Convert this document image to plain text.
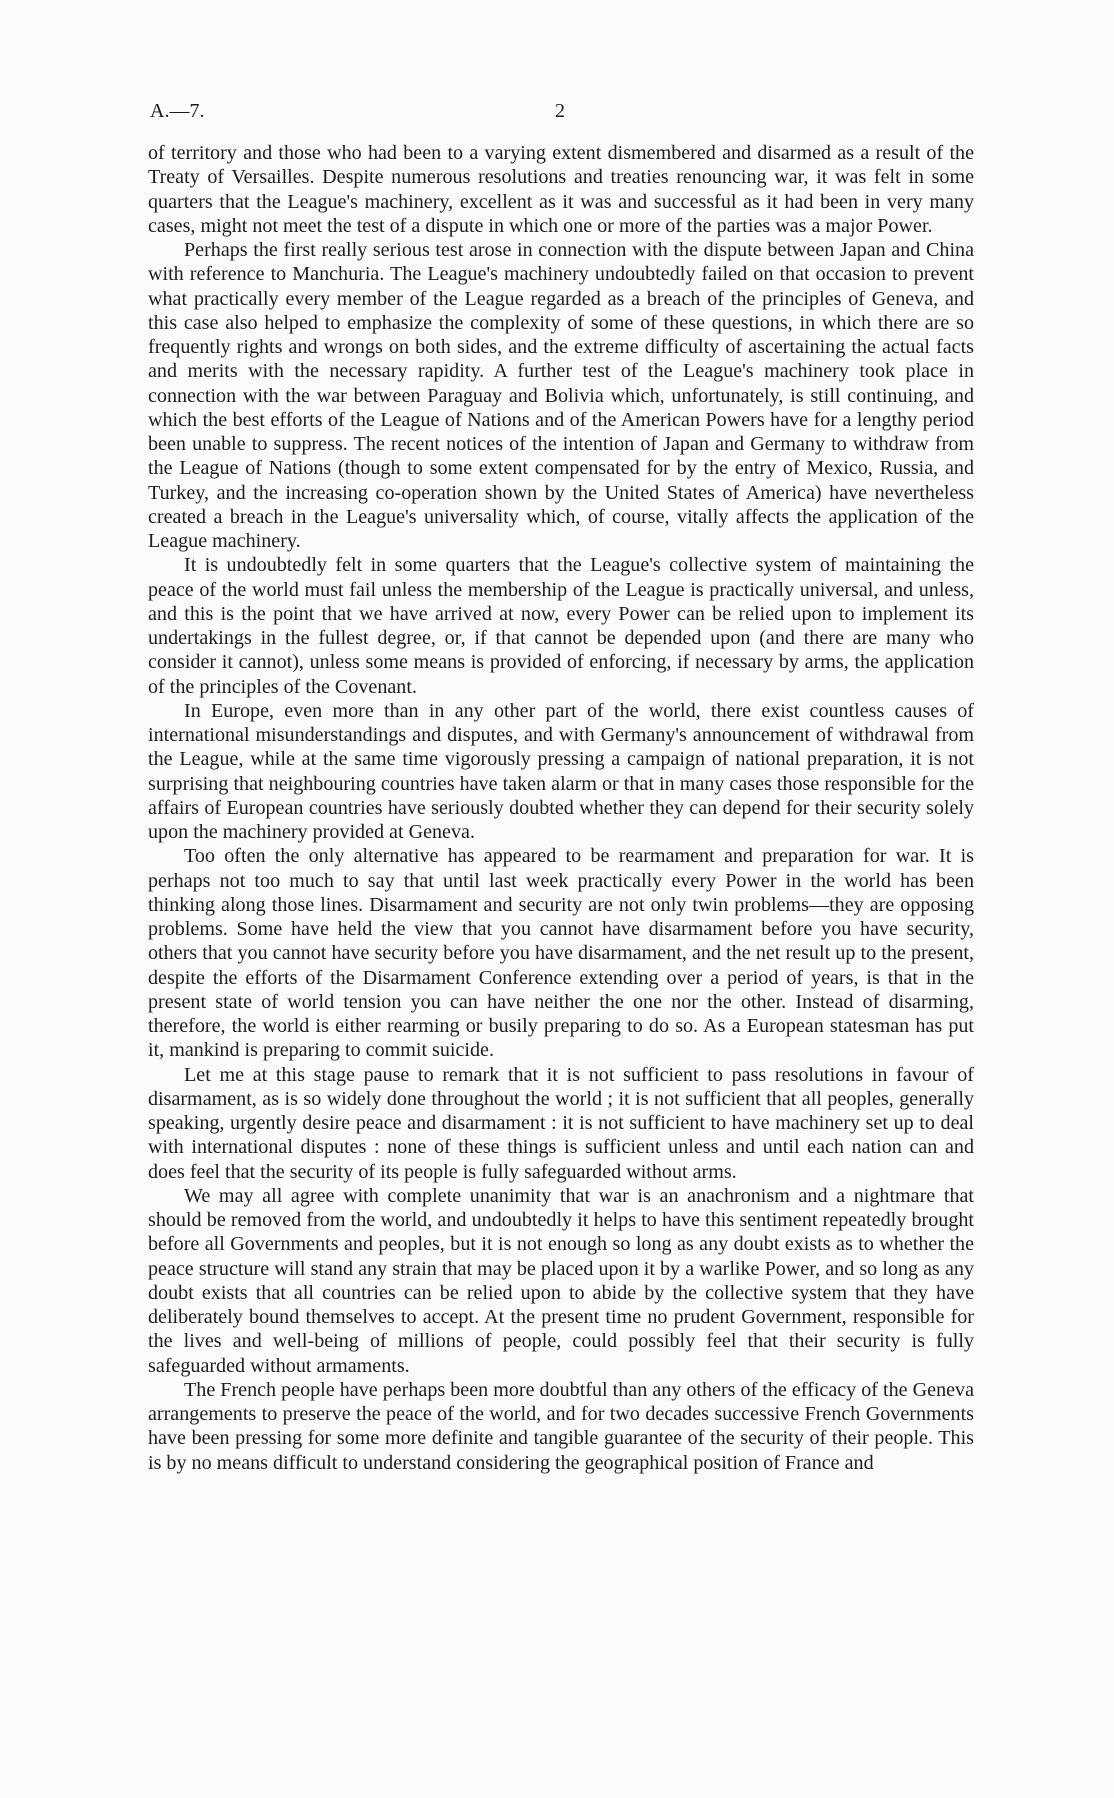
A.—7.	2

of territory and those who had been to a varying extent dismembered and disarmed as a result of the Treaty of Versailles. Despite numerous resolutions and treaties renouncing war, it was felt in some quarters that the League's machinery, excellent as it was and successful as it had been in very many cases, might not meet the test of a dispute in which one or more of the parties was a major Power.

Perhaps the first really serious test arose in connection with the dispute between Japan and China with reference to Manchuria. The League's machinery undoubtedly failed on that occasion to prevent what practically every member of the League regarded as a breach of the principles of Geneva, and this case also helped to emphasize the complexity of some of these questions, in which there are so frequently rights and wrongs on both sides, and the extreme difficulty of ascertaining the actual facts and merits with the necessary rapidity. A further test of the League's machinery took place in connection with the war between Paraguay and Bolivia which, unfortunately, is still continuing, and which the best efforts of the League of Nations and of the American Powers have for a lengthy period been unable to suppress. The recent notices of the intention of Japan and Germany to withdraw from the League of Nations (though to some extent compensated for by the entry of Mexico, Russia, and Turkey, and the increasing co-operation shown by the United States of America) have nevertheless created a breach in the League's universality which, of course, vitally affects the application of the League machinery.

It is undoubtedly felt in some quarters that the League's collective system of maintaining the peace of the world must fail unless the membership of the League is practically universal, and unless, and this is the point that we have arrived at now, every Power can be relied upon to implement its undertakings in the fullest degree, or, if that cannot be depended upon (and there are many who consider it cannot), unless some means is provided of enforcing, if necessary by arms, the application of the principles of the Covenant.

In Europe, even more than in any other part of the world, there exist countless causes of international misunderstandings and disputes, and with Germany's announcement of withdrawal from the League, while at the same time vigorously pressing a campaign of national preparation, it is not surprising that neighbouring countries have taken alarm or that in many cases those responsible for the affairs of European countries have seriously doubted whether they can depend for their security solely upon the machinery provided at Geneva.

Too often the only alternative has appeared to be rearmament and preparation for war. It is perhaps not too much to say that until last week practically every Power in the world has been thinking along those lines. Disarmament and security are not only twin problems—they are opposing problems. Some have held the view that you cannot have disarmament before you have security, others that you cannot have security before you have disarmament, and the net result up to the present, despite the efforts of the Disarmament Conference extending over a period of years, is that in the present state of world tension you can have neither the one nor the other. Instead of disarming, therefore, the world is either rearming or busily preparing to do so. As a European statesman has put it, mankind is preparing to commit suicide.

Let me at this stage pause to remark that it is not sufficient to pass resolutions in favour of disarmament, as is so widely done throughout the world ; it is not sufficient that all peoples, generally speaking, urgently desire peace and disarmament : it is not sufficient to have machinery set up to deal with international disputes : none of these things is sufficient unless and until each nation can and does feel that the security of its people is fully safeguarded without arms.

We may all agree with complete unanimity that war is an anachronism and a nightmare that should be removed from the world, and undoubtedly it helps to have this sentiment repeatedly brought before all Governments and peoples, but it is not enough so long as any doubt exists as to whether the peace structure will stand any strain that may be placed upon it by a warlike Power, and so long as any doubt exists that all countries can be relied upon to abide by the collective system that they have deliberately bound themselves to accept. At the present time no prudent Government, responsible for the lives and well-being of millions of people, could possibly feel that their security is fully safeguarded without armaments.

The French people have perhaps been more doubtful than any others of the efficacy of the Geneva arrangements to preserve the peace of the world, and for two decades successive French Governments have been pressing for some more definite and tangible guarantee of the security of their people. This is by no means difficult to understand considering the geographical position of France and
